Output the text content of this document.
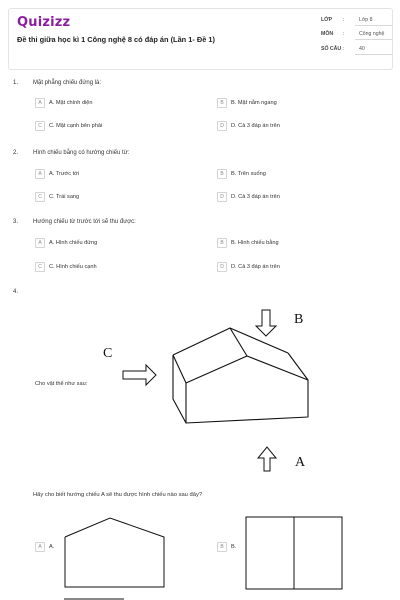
Quizizz
Đề thi giữa học kì 1 Công nghệ 8 có đáp án (Lần 1- Đề 1)
LỚP :	Lớp 8
MÔN :	Công nghệ
SỐ CÂU :	40
1. Mặt phẳng chiếu đứng là:
A A. Mặt chính diện	B B. Mặt nằm ngang
C C. Mặt cạnh bên phải	D D. Cả 3 đáp án trên
2. Hình chiếu bằng có hướng chiếu từ:
A A. Trước tới	B B. Trên xuống
C C. Trái sang	D D. Cả 3 đáp án trên
3. Hướng chiếu từ trước tới sẽ thu được:
A A. Hình chiếu đứng	B B. Hình chiếu bằng
C C. Hình chiếu cạnh	D D. Cả 3 đáp án trên
4.
B
C
A
Cho vật thể như sau:
Hãy cho biết hướng chiếu A sẽ thu được hình chiếu nào sau đây?
A A.	B B.
